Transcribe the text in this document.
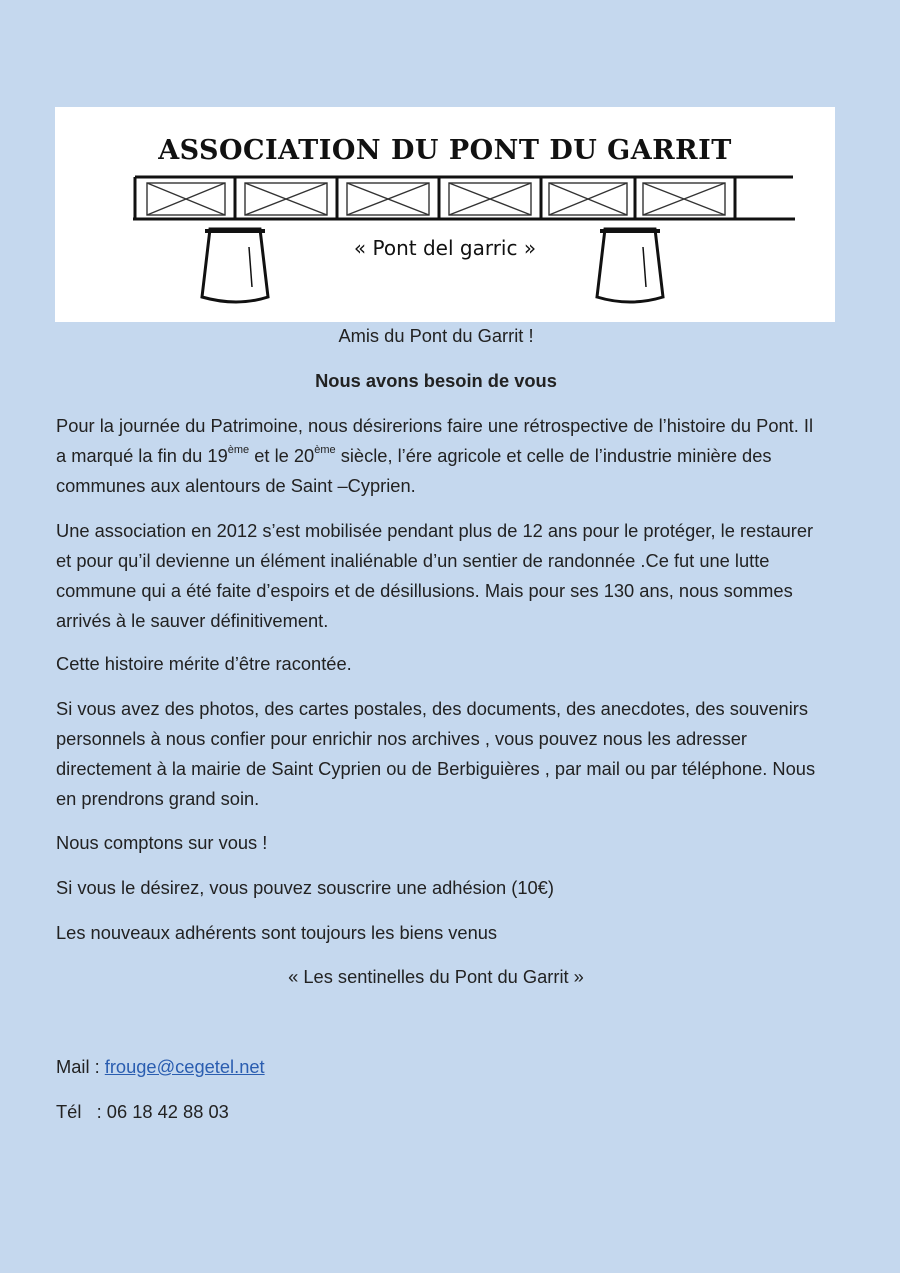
ASSOCIATION DU PONT DU GARRIT
« Pont del garric »
Amis du Pont du Garrit !
Nous avons besoin de vous
Pour la journée du Patrimoine, nous désirerions faire une rétrospective de l’histoire du Pont. Il a marqué la fin du 19ème et le 20ème siècle, l’ére agricole et celle de l’industrie minière des communes aux alentours de Saint –Cyprien.
Une association en 2012 s’est mobilisée pendant plus de 12 ans pour le protéger, le restaurer et pour qu’il devienne un élément inaliénable d’un sentier de randonnée .Ce fut une lutte commune qui a été faite d’espoirs et de désillusions. Mais pour ses 130 ans, nous sommes arrivés à le sauver définitivement.
Cette histoire mérite d’être racontée.
Si vous avez des photos, des cartes postales, des documents, des anecdotes, des souvenirs personnels à nous confier pour enrichir nos archives , vous pouvez nous les adresser directement à la mairie de Saint Cyprien ou de Berbiguières , par mail ou par téléphone. Nous en prendrons grand soin.
Nous comptons sur vous !
Si vous le désirez, vous pouvez souscrire une adhésion (10€)
Les nouveaux adhérents sont toujours les biens venus
« Les sentinelles du Pont du Garrit »
Mail : frouge@cegetel.net
Tél   : 06 18 42 88 03
